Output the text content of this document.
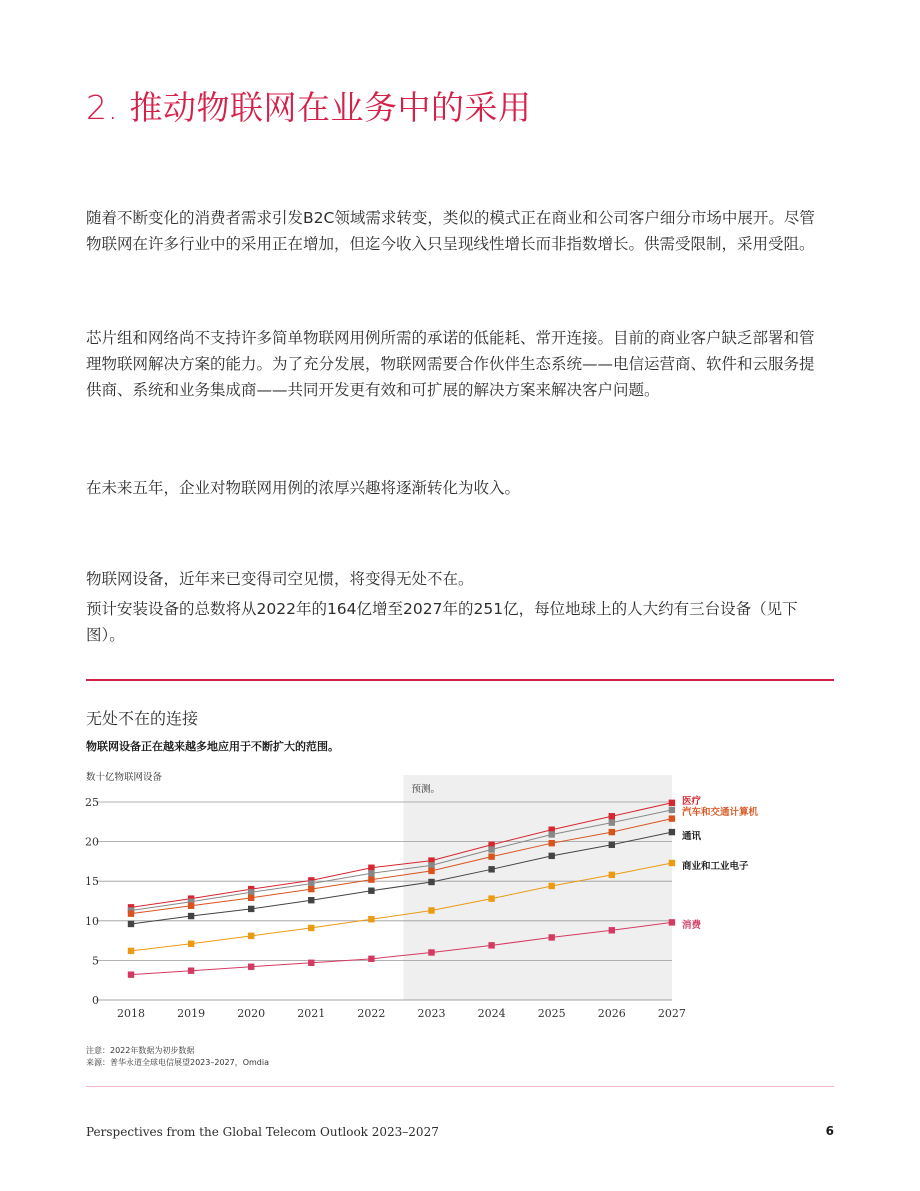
2. 推动物联网在业务中的采用

随着不断变化的消费者需求引发B2C领域需求转变，类似的模式正在商业和公司客户细分市场中展开。尽管物联网在许多行业中的采用正在增加，但迄今收入只呈现线性增长而非指数增长。供需受限制，采用受阻。

芯片组和网络尚不支持许多简单物联网用例所需的承诺的低能耗、常开连接。目前的商业客户缺乏部署和管理物联网解决方案的能力。为了充分发展，物联网需要合作伙伴生态系统——电信运营商、软件和云服务提供商、系统和业务集成商——共同开发更有效和可扩展的解决方案来解决客户问题。

在未来五年，企业对物联网用例的浓厚兴趣将逐渐转化为收入。

物联网设备，近年来已变得司空见惯，将变得无处不在。

预计安装设备的总数将从2022年的164亿增至2027年的251亿，每位地球上的人大约有三台设备（见下图）。

无处不在的连接

物联网设备正在越来越多地应用于不断扩大的范围。

数十亿物联网设备
预测。
0
5
10
15
20
25
2018	2019	2020	2021	2022	2023	2024	2025	2026	2027
医疗
汽车和交通计算机
通讯
商业和工业电子
消费
注意：2022年数据为初步数据
来源：普华永道全球电信展望2023–2027，Omdia
Perspectives from the Global Telecom Outlook 2023–2027	6
